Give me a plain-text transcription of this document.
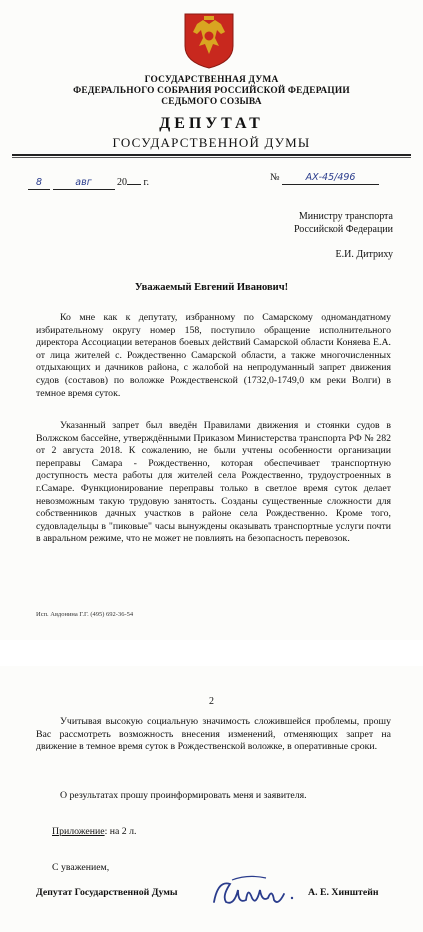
ГОСУДАРСТВЕННАЯ ДУМА
ФЕДЕРАЛЬНОГО СОБРАНИЯ РОССИЙСКОЙ ФЕДЕРАЦИИ
СЕДЬМОГО СОЗЫВА
ДЕПУТАТ
ГОСУДАРСТВЕННОЙ ДУМЫ
8	авг	20 г.	№	АХ-45/496
Министру транспорта
Российской Федерации
Е.И. Дитриху
Уважаемый Евгений Иванович!

Ко мне как к депутату, избранному по Самарскому одномандатному избирательному округу номер 158, поступило обращение исполнительного директора Ассоциации ветеранов боевых действий Самарской области Коняева Е.А. от лица жителей с. Рождественно Самарской области, а также многочисленных отдыхающих и дачников района, с жалобой на непродуманный запрет движения судов (составов) по воложке Рождественской (1732,0-1749,0 км реки Волги) в темное время суток.

Указанный запрет был введён Правилами движения и стоянки судов в Волжском бассейне, утверждёнными Приказом Министерства транспорта РФ № 282 от 2 августа 2018. К сожалению, не были учтены особенности организации переправы Самара - Рождественно, которая обеспечивает транспортную доступность места работы для жителей села Рождественно, трудоустроенных в г.Самаре. Функционирование переправы только в светлое время суток делает невозможным такую трудовую занятость. Созданы существенные сложности для собственников дачных участков в районе села Рождественно. Кроме того, судовладельцы в "пиковые" часы вынуждены оказывать транспортные услуги почти в авральном режиме, что не может не повлиять на безопасность перевозок.

Исп. Авдонина Г.Г. (495) 692-36-54
2

Учитывая высокую социальную значимость сложившейся проблемы, прошу Вас рассмотреть возможность внесения изменений, отменяющих запрет на движение в темное время суток в Рождественской воложке, в оперативные сроки.

О результатах прошу проинформировать меня и заявителя.

Приложение: на 2 л.
С уважением,
Депутат Государственной Думы	А. Е. Хинштейн
